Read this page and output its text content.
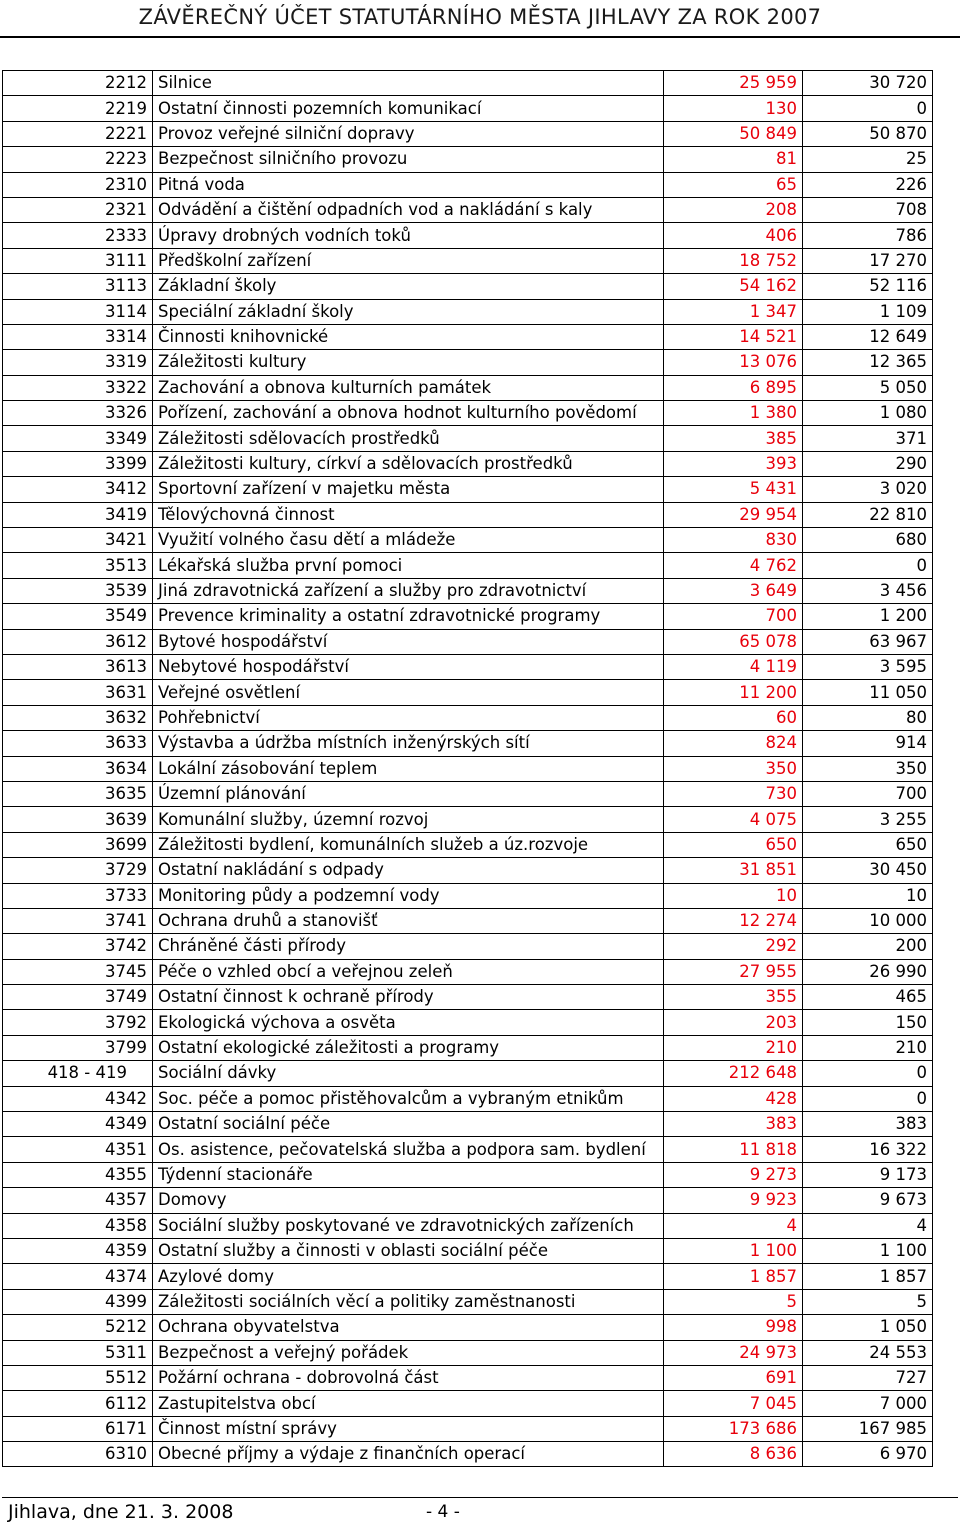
ZÁVĚREČNÝ ÚČET STATUTÁRNÍHO MĚSTA JIHLAVY ZA ROK 2007
2212	Silnice	25 959	30 720
2219	Ostatní činnosti pozemních komunikací	130	0
2221	Provoz veřejné silniční dopravy	50 849	50 870
2223	Bezpečnost silničního provozu	81	25
2310	Pitná voda	65	226
2321	Odvádění a čištění odpadních vod a nakládání s kaly	208	708
2333	Úpravy drobných vodních toků	406	786
3111	Předškolní zařízení	18 752	17 270
3113	Základní školy	54 162	52 116
3114	Speciální základní školy	1 347	1 109
3314	Činnosti knihovnické	14 521	12 649
3319	Záležitosti kultury	13 076	12 365
3322	Zachování a obnova kulturních památek	6 895	5 050
3326	Pořízení, zachování a obnova hodnot kulturního povědomí	1 380	1 080
3349	Záležitosti sdělovacích prostředků	385	371
3399	Záležitosti kultury, církví a sdělovacích prostředků	393	290
3412	Sportovní zařízení v majetku města	5 431	3 020
3419	Tělovýchovná činnost	29 954	22 810
3421	Využití volného času dětí a mládeže	830	680
3513	Lékařská služba první pomoci	4 762	0
3539	Jiná zdravotnická zařízení a služby pro zdravotnictví	3 649	3 456
3549	Prevence kriminality a ostatní zdravotnické programy	700	1 200
3612	Bytové hospodářství	65 078	63 967
3613	Nebytové hospodářství	4 119	3 595
3631	Veřejné osvětlení	11 200	11 050
3632	Pohřebnictví	60	80
3633	Výstavba a údržba místních inženýrských sítí	824	914
3634	Lokální zásobování teplem	350	350
3635	Územní plánování	730	700
3639	Komunální služby, územní rozvoj	4 075	3 255
3699	Záležitosti bydlení, komunálních služeb a úz.rozvoje	650	650
3729	Ostatní nakládání s odpady	31 851	30 450
3733	Monitoring půdy a podzemní vody	10	10
3741	Ochrana druhů a stanovišť	12 274	10 000
3742	Chráněné části přírody	292	200
3745	Péče o vzhled obcí a veřejnou zeleň	27 955	26 990
3749	Ostatní činnost k ochraně přírody	355	465
3792	Ekologická výchova a osvěta	203	150
3799	Ostatní ekologické záležitosti a programy	210	210
418 - 419	Sociální dávky	212 648	0
4342	Soc. péče a pomoc přistěhovalcům a vybraným etnikům	428	0
4349	Ostatní sociální péče	383	383
4351	Os. asistence, pečovatelská služba a podpora sam. bydlení	11 818	16 322
4355	Týdenní stacionáře	9 273	9 173
4357	Domovy	9 923	9 673
4358	Sociální služby poskytované ve zdravotnických zařízeních	4	4
4359	Ostatní služby a činnosti v oblasti sociální péče	1 100	1 100
4374	Azylové domy	1 857	1 857
4399	Záležitosti sociálních věcí a politiky zaměstnanosti	5	5
5212	Ochrana obyvatelstva	998	1 050
5311	Bezpečnost a veřejný pořádek	24 973	24 553
5512	Požární ochrana - dobrovolná část	691	727
6112	Zastupitelstva obcí	7 045	7 000
6171	Činnost místní správy	173 686	167 985
6310	Obecné příjmy a výdaje z finančních operací	8 636	6 970
Jihlava, dne 21. 3. 2008	- 4 -
